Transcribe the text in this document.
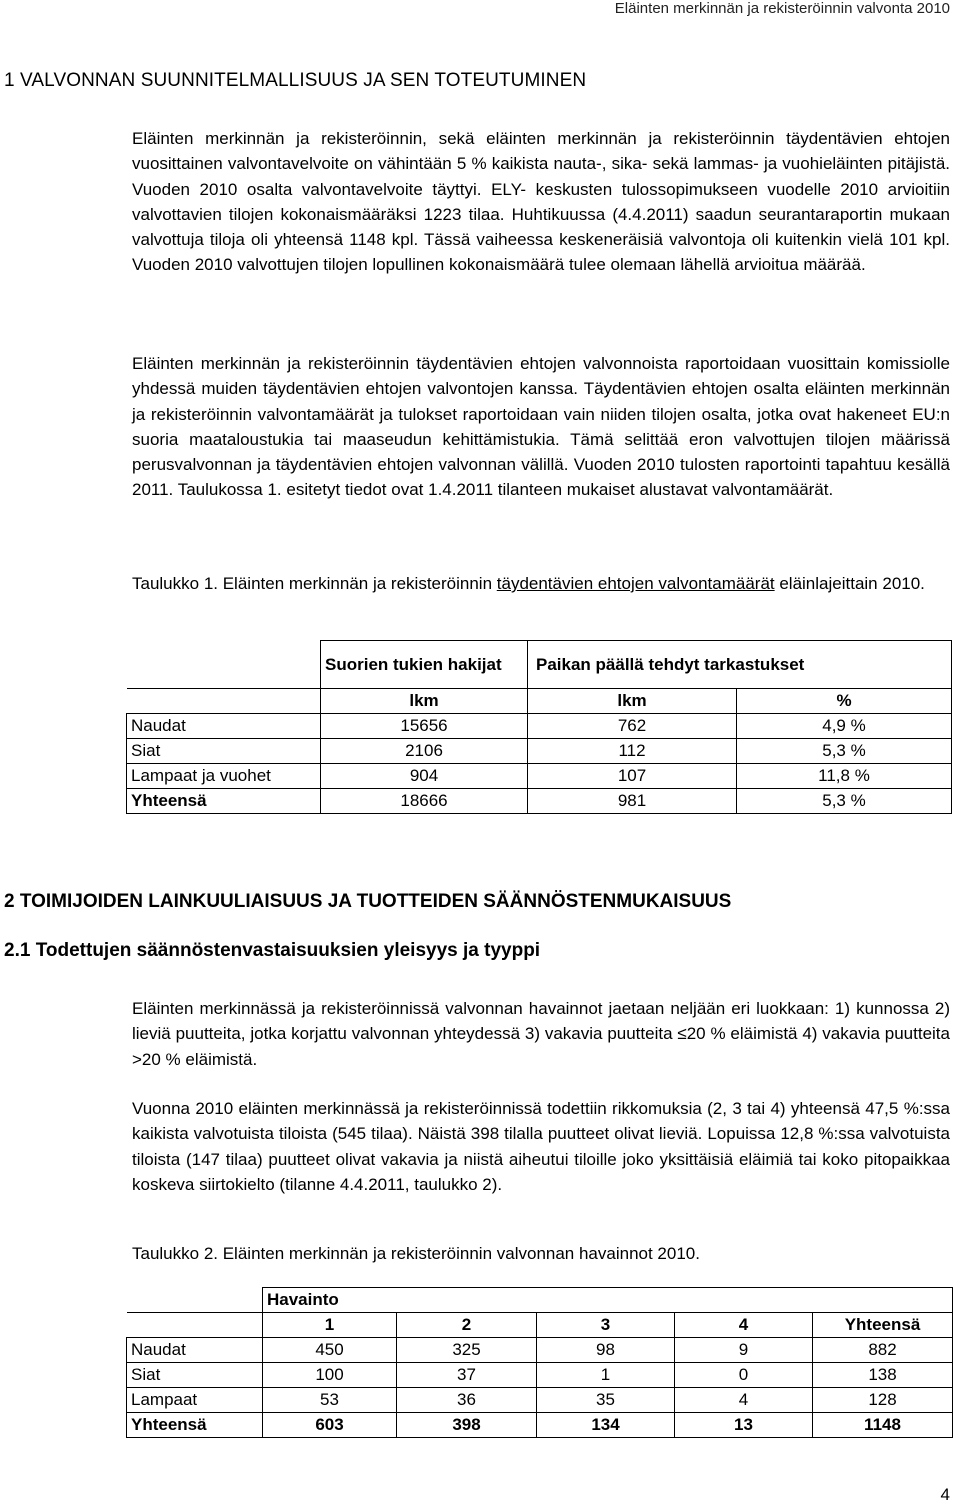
Eläinten merkinnän ja rekisteröinnin valvonta 2010
1 VALVONNAN SUUNNITELMALLISUUS JA SEN TOTEUTUMINEN
Eläinten merkinnän ja rekisteröinnin, sekä eläinten merkinnän ja rekisteröinnin täydentävien ehtojen vuosittainen valvontavelvoite on vähintään 5 % kaikista nauta-, sika- sekä lammas- ja vuohieläinten pitäjistä. Vuoden 2010 osalta valvontavelvoite täyttyi. ELY- keskusten tulossopimukseen vuodelle 2010 arvioitiin valvottavien tilojen kokonaismääräksi 1223 tilaa. Huhtikuussa (4.4.2011) saadun seurantaraportin mukaan valvottuja tiloja oli yhteensä 1148 kpl. Tässä vaiheessa keskeneräisiä valvontoja oli kuitenkin vielä 101 kpl. Vuoden 2010 valvottujen tilojen lopullinen kokonaismäärä tulee olemaan lähellä arvioitua määrää.
Eläinten merkinnän ja rekisteröinnin täydentävien ehtojen valvonnoista raportoidaan vuosittain komissiolle yhdessä muiden täydentävien ehtojen valvontojen kanssa. Täydentävien ehtojen osalta eläinten merkinnän ja rekisteröinnin valvontamäärät ja tulokset raportoidaan vain niiden tilojen osalta, jotka ovat hakeneet EU:n suoria maataloustukia tai maaseudun kehittämistukia. Tämä selittää eron valvottujen tilojen määrissä perusvalvonnan ja täydentävien ehtojen valvonnan välillä. Vuoden 2010 tulosten raportointi tapahtuu kesällä 2011. Taulukossa 1. esitetyt tiedot ovat 1.4.2011 tilanteen mukaiset alustavat valvontamäärät.
Taulukko 1. Eläinten merkinnän ja rekisteröinnin täydentävien ehtojen valvontamäärät eläinlajeittain 2010.
	Suorien tukien hakijat	Paikan päällä tehdyt tarkastukset	
	lkm	lkm	%
Naudat	15656	762	4,9 %
Siat	2106	112	5,3 %
Lampaat ja vuohet	904	107	11,8 %
Yhteensä	18666	981	5,3 %
2 TOIMIJOIDEN LAINKUULIAISUUS JA TUOTTEIDEN SÄÄNNÖSTENMUKAISUUS
2.1 Todettujen säännöstenvastaisuuksien yleisyys ja tyyppi
Eläinten merkinnässä ja rekisteröinnissä valvonnan havainnot jaetaan neljään eri luokkaan: 1) kunnossa 2) lieviä puutteita, jotka korjattu valvonnan yhteydessä 3) vakavia puutteita ≤20 % eläimistä 4) vakavia puutteita >20 % eläimistä.
Vuonna 2010 eläinten merkinnässä ja rekisteröinnissä todettiin rikkomuksia (2, 3 tai 4) yhteensä 47,5 %:ssa kaikista valvotuista tiloista (545 tilaa). Näistä 398 tilalla puutteet olivat lieviä. Lopuissa 12,8 %:ssa valvotuista tiloista (147 tilaa) puutteet olivat vakavia ja niistä aiheutui tiloille joko yksittäisiä eläimiä tai koko pitopaikkaa koskeva siirtokielto (tilanne 4.4.2011, taulukko 2).
Taulukko 2. Eläinten merkinnän ja rekisteröinnin valvonnan havainnot 2010.
	Havainto				
	1	2	3	4	Yhteensä
Naudat	450	325	98	9	882
Siat	100	37	1	0	138
Lampaat	53	36	35	4	128
Yhteensä	603	398	134	13	1148
4
